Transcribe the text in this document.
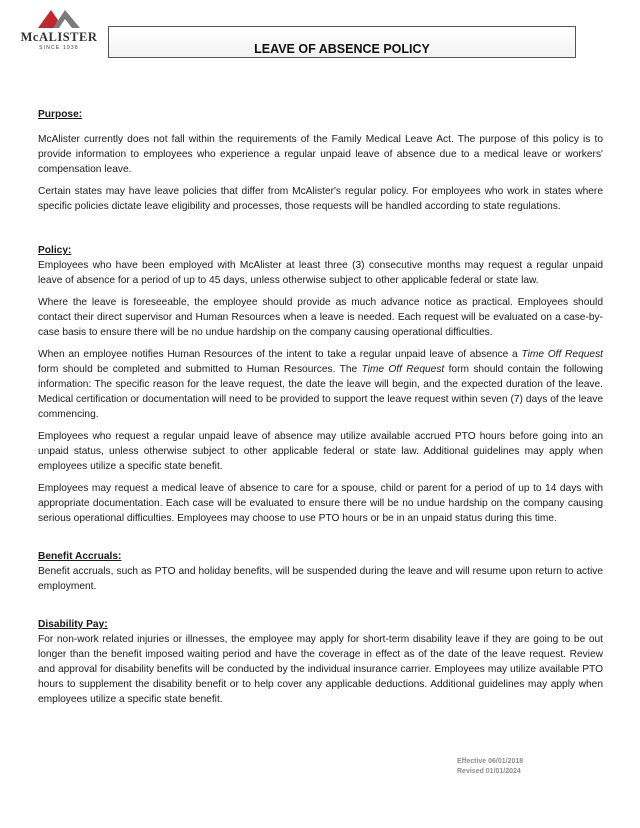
McALISTER
SINCE 1938	LEAVE OF ABSENCE POLICY
Purpose:

McAlister currently does not fall within the requirements of the Family Medical Leave Act. The purpose of this policy is to provide information to employees who experience a regular unpaid leave of absence due to a medical leave or workers' compensation leave.

Certain states may have leave policies that differ from McAlister's regular policy. For employees who work in states where specific policies dictate leave eligibility and processes, those requests will be handled according to state regulations.

Policy:

Employees who have been employed with McAlister at least three (3) consecutive months may request a regular unpaid leave of absence for a period of up to 45 days, unless otherwise subject to other applicable federal or state law.

Where the leave is foreseeable, the employee should provide as much advance notice as practical. Employees should contact their direct supervisor and Human Resources when a leave is needed. Each request will be evaluated on a case-by-case basis to ensure there will be no undue hardship on the company causing operational difficulties.

When an employee notifies Human Resources of the intent to take a regular unpaid leave of absence a Time Off Request form should be completed and submitted to Human Resources. The Time Off Request form should contain the following information: The specific reason for the leave request, the date the leave will begin, and the expected duration of the leave. Medical certification or documentation will need to be provided to support the leave request within seven (7) days of the leave commencing.

Employees who request a regular unpaid leave of absence may utilize available accrued PTO hours before going into an unpaid status, unless otherwise subject to other applicable federal or state law. Additional guidelines may apply when employees utilize a specific state benefit.

Employees may request a medical leave of absence to care for a spouse, child or parent for a period of up to 14 days with appropriate documentation. Each case will be evaluated to ensure there will be no undue hardship on the company causing serious operational difficulties. Employees may choose to use PTO hours or be in an unpaid status during this time.

Benefit Accruals:

Benefit accruals, such as PTO and holiday benefits, will be suspended during the leave and will resume upon return to active employment.

Disability Pay:

For non-work related injuries or illnesses, the employee may apply for short-term disability leave if they are going to be out longer than the benefit imposed waiting period and have the coverage in effect as of the date of the leave request. Review and approval for disability benefits will be conducted by the individual insurance carrier. Employees may utilize available PTO hours to supplement the disability benefit or to help cover any applicable deductions. Additional guidelines may apply when employees utilize a specific state benefit.

Effective 06/01/2018
Revised 01/01/2024
